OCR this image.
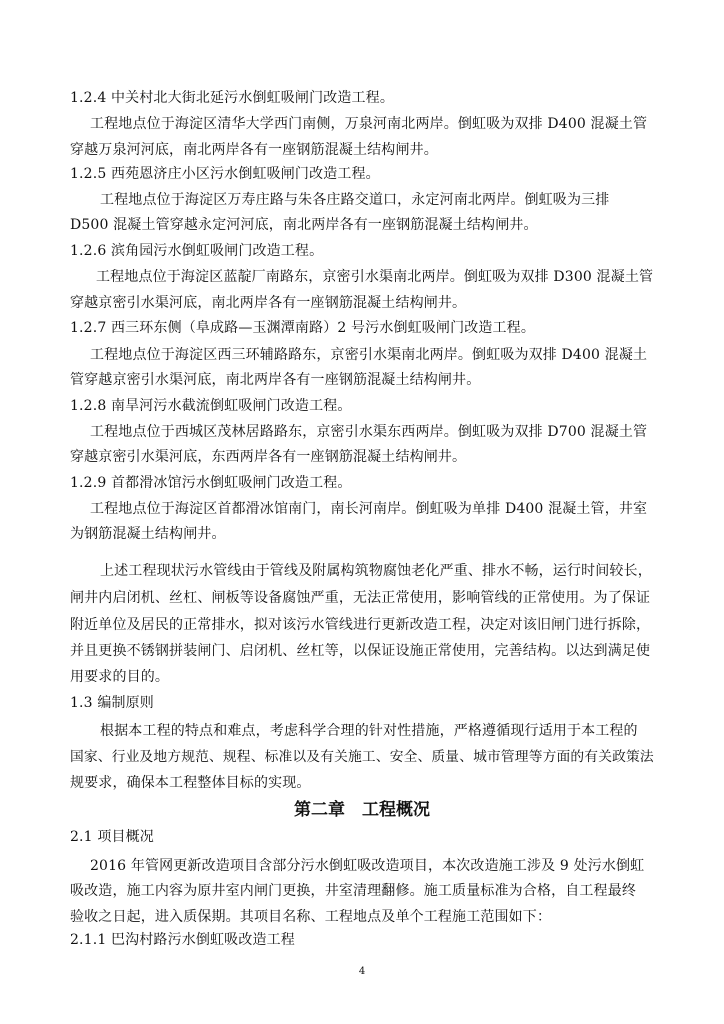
1.2.4 中关村北大街北延污水倒虹吸闸门改造工程。
工程地点位于海淀区清华大学西门南侧，万泉河南北两岸。倒虹吸为双排 D400 混凝土管
穿越万泉河河底，南北两岸各有一座钢筋混凝土结构闸井。
1.2.5 西苑恩济庄小区污水倒虹吸闸门改造工程。
工程地点位于海淀区万寿庄路与朱各庄路交道口，永定河南北两岸。倒虹吸为三排
D500 混凝土管穿越永定河河底，南北两岸各有一座钢筋混凝土结构闸井。
1.2.6 滨角园污水倒虹吸闸门改造工程。
工程地点位于海淀区蓝靛厂南路东，京密引水渠南北两岸。倒虹吸为双排 D300 混凝土管
穿越京密引水渠河底，南北两岸各有一座钢筋混凝土结构闸井。
1.2.7 西三环东侧（阜成路—玉渊潭南路）2 号污水倒虹吸闸门改造工程。
工程地点位于海淀区西三环辅路路东，京密引水渠南北两岸。倒虹吸为双排 D400 混凝土
管穿越京密引水渠河底，南北两岸各有一座钢筋混凝土结构闸井。
1.2.8 南旱河污水截流倒虹吸闸门改造工程。
工程地点位于西城区茂林居路路东，京密引水渠东西两岸。倒虹吸为双排 D700 混凝土管
穿越京密引水渠河底，东西两岸各有一座钢筋混凝土结构闸井。
1.2.9 首都滑冰馆污水倒虹吸闸门改造工程。
工程地点位于海淀区首都滑冰馆南门，南长河南岸。倒虹吸为单排 D400 混凝土管，井室
为钢筋混凝土结构闸井。
上述工程现状污水管线由于管线及附属构筑物腐蚀老化严重、排水不畅，运行时间较长，
闸井内启闭机、丝杠、闸板等设备腐蚀严重，无法正常使用，影响管线的正常使用。为了保证
附近单位及居民的正常排水，拟对该污水管线进行更新改造工程，决定对该旧闸门进行拆除，
并且更换不锈钢拼装闸门、启闭机、丝杠等，以保证设施正常使用，完善结构。以达到满足使
用要求的目的。
1.3 编制原则
根据本工程的特点和难点，考虑科学合理的针对性措施，严格遵循现行适用于本工程的
国家、行业及地方规范、规程、标准以及有关施工、安全、质量、城市管理等方面的有关政策法
规要求，确保本工程整体目标的实现。
第二章　工程概况
2.1 项目概况
2016 年管网更新改造项目含部分污水倒虹吸改造项目，本次改造施工涉及 9 处污水倒虹
吸改造，施工内容为原井室内闸门更换，井室清理翻修。施工质量标准为合格，自工程最终
验收之日起，进入质保期。其项目名称、工程地点及单个工程施工范围如下：
2.1.1 巴沟村路污水倒虹吸改造工程
4
